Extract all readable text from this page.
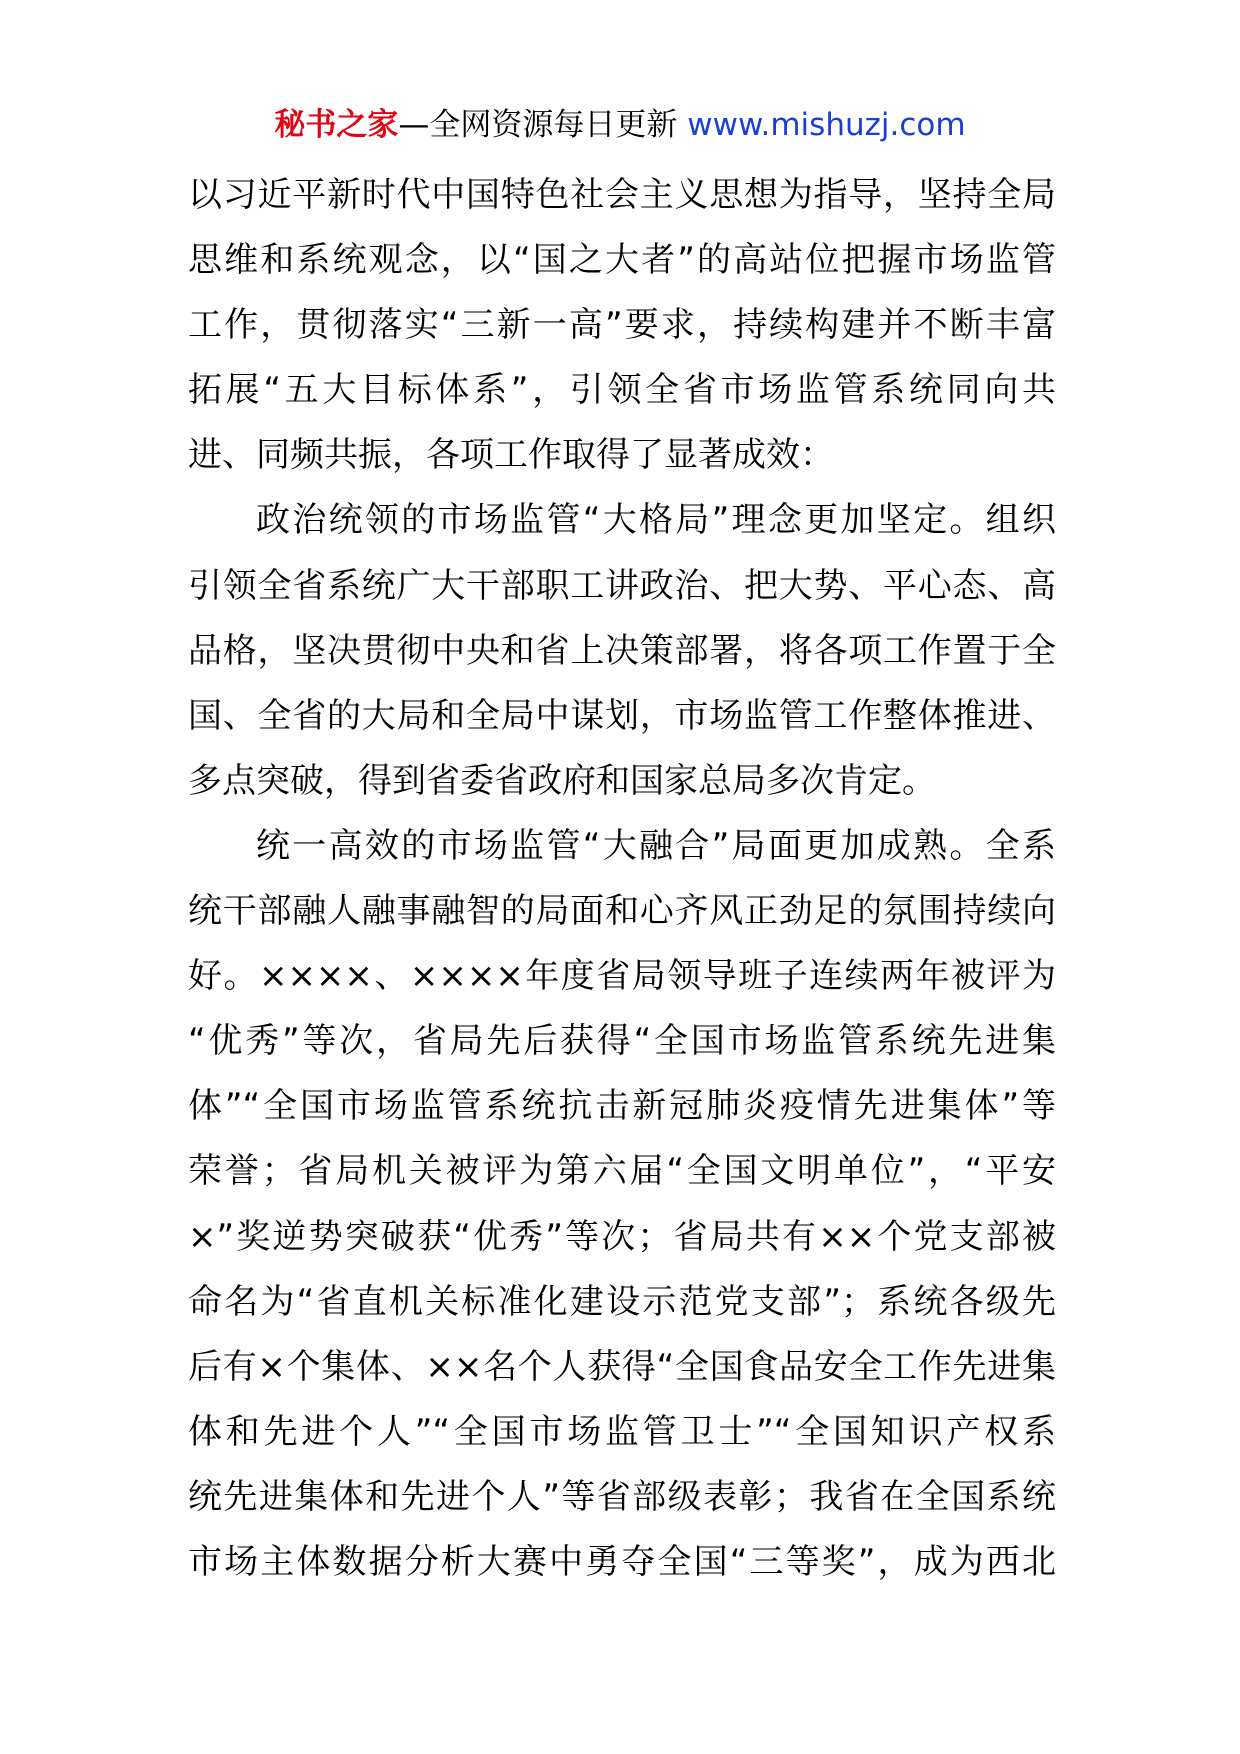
秘书之家—全网资源每日更新 www.mishuzj.com
以习近平新时代中国特色社会主义思想为指导，坚持全局
思维和系统观念，以“国之大者”的高站位把握市场监管
工作，贯彻落实“三新一高”要求，持续构建并不断丰富
拓展“五大目标体系”，引领全省市场监管系统同向共
进、同频共振，各项工作取得了显著成效：
政治统领的市场监管“大格局”理念更加坚定。组织
引领全省系统广大干部职工讲政治、把大势、平心态、高
品格，坚决贯彻中央和省上决策部署，将各项工作置于全
国、全省的大局和全局中谋划，市场监管工作整体推进、
多点突破，得到省委省政府和国家总局多次肯定。
统一高效的市场监管“大融合”局面更加成熟。全系
统干部融人融事融智的局面和心齐风正劲足的氛围持续向
好。××××、××××年度省局领导班子连续两年被评为
“优秀”等次，省局先后获得“全国市场监管系统先进集
体”“全国市场监管系统抗击新冠肺炎疫情先进集体”等
荣誉；省局机关被评为第六届“全国文明单位”，“平安
×”奖逆势突破获“优秀”等次；省局共有××个党支部被
命名为“省直机关标准化建设示范党支部”；系统各级先
后有×个集体、××名个人获得“全国食品安全工作先进集
体和先进个人”“全国市场监管卫士”“全国知识产权系
统先进集体和先进个人”等省部级表彰；我省在全国系统
市场主体数据分析大赛中勇夺全国“三等奖”，成为西北
